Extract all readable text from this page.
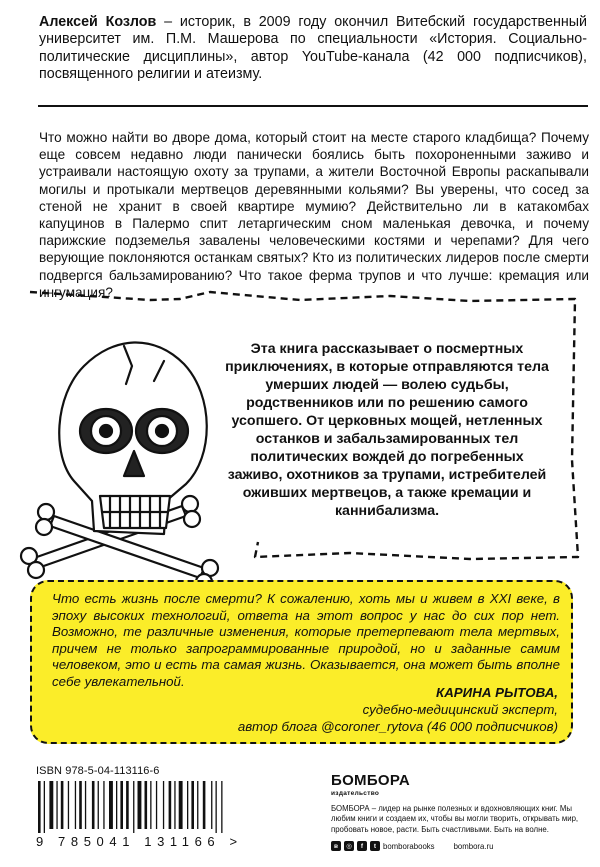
Алексей Козлов – историк, в 2009 году окончил Витебский государственный университет им. П.М. Машерова по специальности «История. Социально-политические дисциплины», автор YouTube-канала (42 000 подписчиков), посвященного религии и атеизму.
Что можно найти во дворе дома, который стоит на месте старого кладбища? Почему еще совсем недавно люди панически боялись быть похороненными заживо и устраивали настоящую охоту за трупами, а жители Восточной Европы раскапывали могилы и протыкали мертвецов деревянными кольями? Вы уверены, что сосед за стеной не хранит в своей квартире мумию? Действительно ли в катакомбах капуцинов в Палермо спит летаргическим сном маленькая девочка, и почему парижские подземелья завалены человеческими костями и черепами? Для чего верующие поклоняются останкам святых? Кто из политических лидеров после смерти подвергся бальзамированию? Что такое ферма трупов и что лучше: кремация или ингумация?
Эта книга рассказывает о посмертных приключениях, в которые отправляются тела умерших людей — волею судьбы, родственников или по решению самого усопшего. От церковных мощей, нетленных останков и забальзамированных тел политических вождей до погребенных заживо, охотников за трупами, истребителей оживших мертвецов, а также кремации и каннибализма.
Что есть жизнь после смерти? К сожалению, хоть мы и живем в XXI веке, в эпоху высоких технологий, ответа на этот вопрос у нас до сих пор нет. Возможно, те различные изменения, которые претерпевают тела мертвых, причем не только запрограммированные природой, но и заданные самим человеком, это и есть та самая жизнь. Оказывается, она может быть вполне себе увлекательной.
КАРИНА РЫТОВА,
судебно-медицинский эксперт,
автор блога @coroner_rytova (46 000 подписчиков)
ISBN 978-5-04-113116-6
9 785041 131166 >
БОМБОРА
издательство
БОМБОРА – лидер на рынке полезных и вдохновляющих книг. Мы любим книги и создаем их, чтобы вы могли творить, открывать мир, пробовать новое, расти. Быть счастливыми. Быть на волне.
в	◎	f	t bomborabooks bombora.ru
